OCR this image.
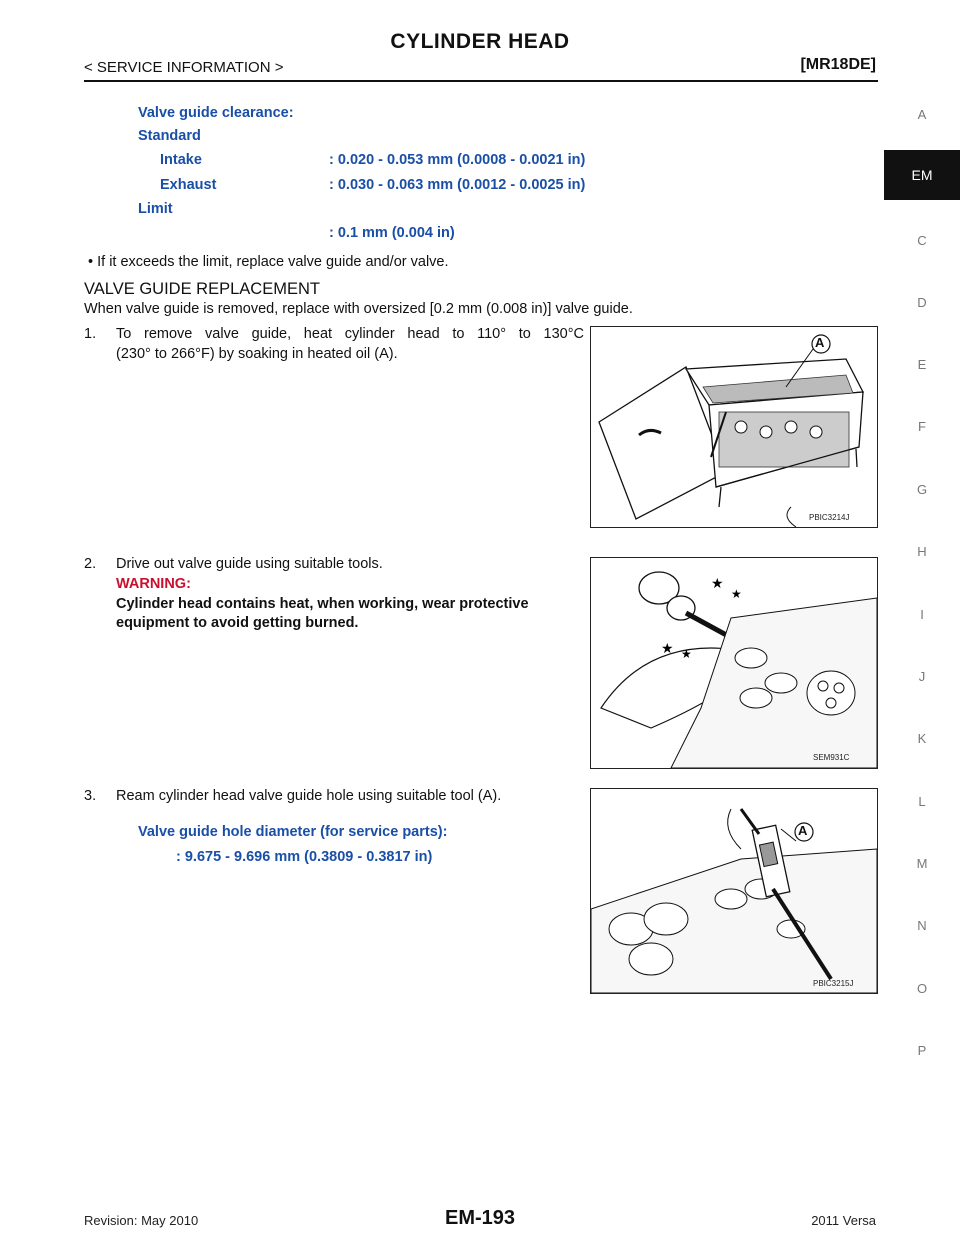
CYLINDER HEAD
< SERVICE INFORMATION >	[MR18DE]
A
EM
C
D
E
F
G
H
I
J
K
L
M
N
O
P
Valve guide clearance:
Standard
Intake	: 0.020 - 0.053 mm (0.0008 - 0.0021 in)
Exhaust	: 0.030 - 0.063 mm (0.0012 - 0.0025 in)
Limit
: 0.1 mm (0.004 in)
• If it exceeds the limit, replace valve guide and/or valve.
VALVE GUIDE REPLACEMENT
When valve guide is removed, replace with oversized [0.2 mm (0.008 in)] valve guide.
1. To remove valve guide, heat cylinder head to 110° to 130°C
(230° to 266°F) by soaking in heated oil (A).
A
PBIC3214J
2. Drive out valve guide using suitable tools.
WARNING:
Cylinder head contains heat, when working, wear protective
equipment to avoid getting burned.
★
★
★ ★
SEM931C
3. Ream cylinder head valve guide hole using suitable tool (A).
Valve guide hole diameter (for service parts):
: 9.675 - 9.696 mm (0.3809 - 0.3817 in)
A
PBIC3215J
Revision: May 2010	EM-193	2011 Versa
